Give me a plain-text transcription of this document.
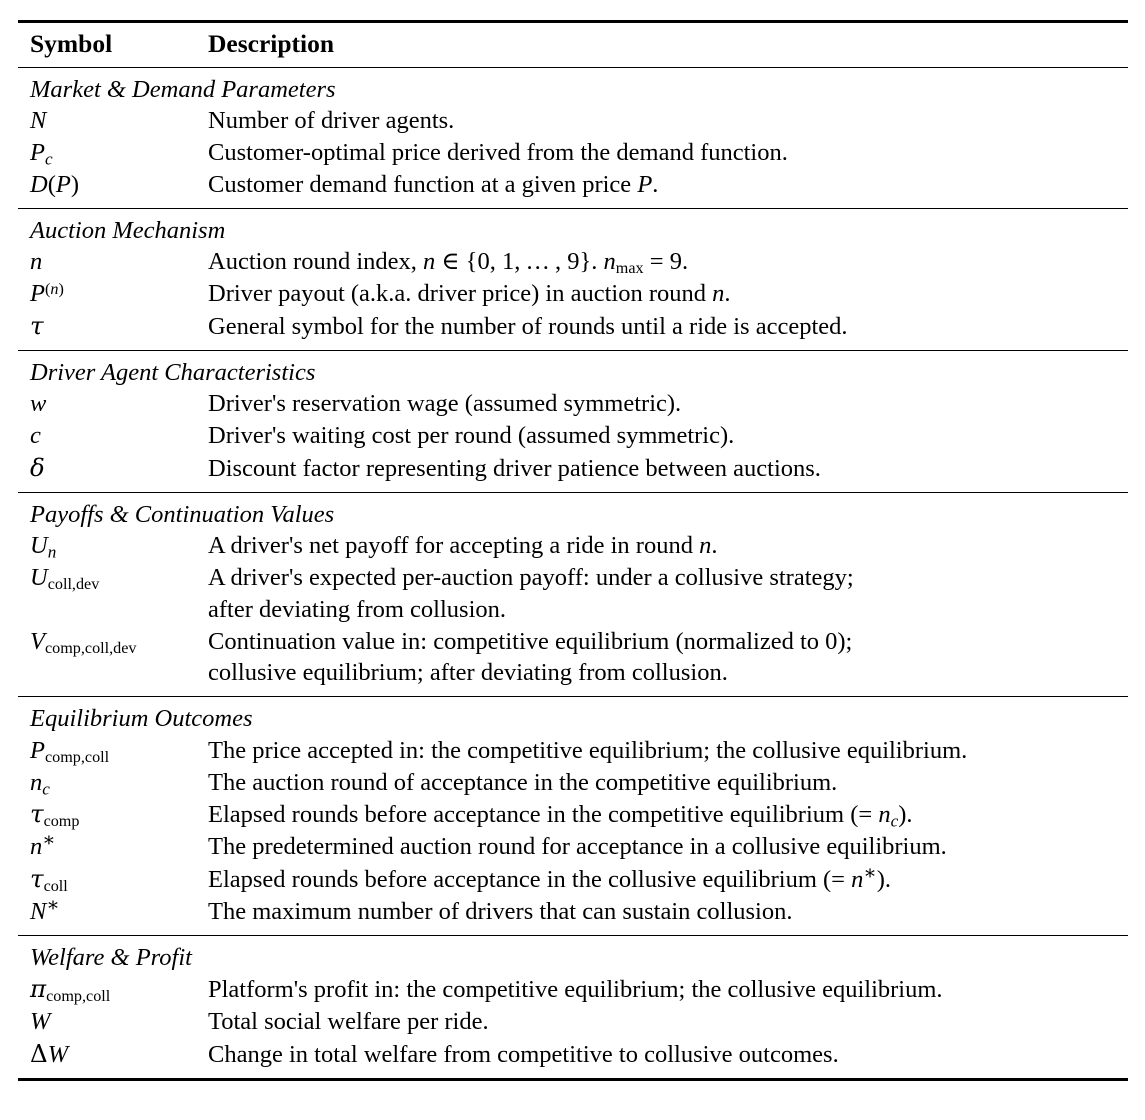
Symbol	Description
Market & Demand Parameters
N	Number of driver agents.
$P_c$	Customer-optimal price derived from the demand function.
D(P)	Customer demand function at a given price P.
Auction Mechanism
n	Auction round index, n ∈ {0, 1, . . . , 9}. $n_{max} = 9$.
$P^{(n)}$	Driver payout (a.k.a. driver price) in auction round n.
τ	General symbol for the number of rounds until a ride is accepted.
Driver Agent Characteristics
w	Driver's reservation wage (assumed symmetric).
c	Driver's waiting cost per round (assumed symmetric).
δ	Discount factor representing driver patience between auctions.
Payoffs & Continuation Values
$U_n$	A driver's net payoff for accepting a ride in round n.
$U_{coll,dev}$	A driver's expected per-auction payoff: under a collusive strategy;
after deviating from collusion.
$V_{comp,coll,dev}$	Continuation value in: competitive equilibrium (normalized to 0);
collusive equilibrium; after deviating from collusion.
Equilibrium Outcomes
$P_{comp,coll}$	The price accepted in: the competitive equilibrium; the collusive equilibrium.
$n_c$	The auction round of acceptance in the competitive equilibrium.
$\tau_{comp}$	Elapsed rounds before acceptance in the competitive equilibrium (= $n_c$).
n∗	The predetermined auction round for acceptance in a collusive equilibrium.
$\tau_{coll}$	Elapsed rounds before acceptance in the collusive equilibrium (= n∗).
N∗	The maximum number of drivers that can sustain collusion.
Welfare & Profit
$\pi_{comp,coll}$	Platform's profit in: the competitive equilibrium; the collusive equilibrium.
W	Total social welfare per ride.
ΔW	Change in total welfare from competitive to collusive outcomes.
